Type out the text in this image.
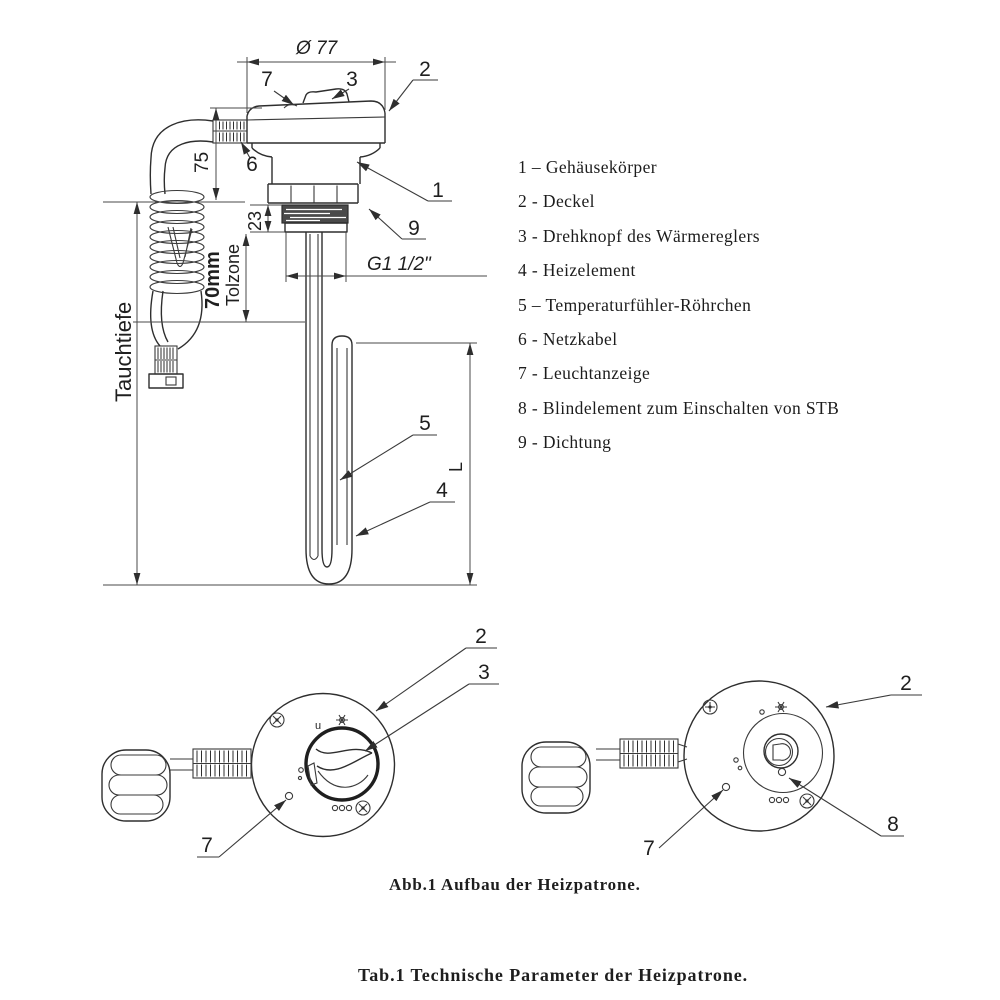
Ø 77
75
Tauchtiefe
23
70mm Tolzone	G1 1/2"
L
7	3	2
6
1
9
5
4
u
2
3
7
2
8
7
1 – Gehäusekörper
2 - Deckel
3 - Drehknopf des Wärmereglers
4 - Heizelement
5 – Temperaturfühler-Röhrchen
6 - Netzkabel
7 - Leuchtanzeige
8 - Blindelement zum Einschalten von STB
9 - Dichtung
Abb.1 Aufbau der Heizpatrone.
Tab.1 Technische Parameter der Heizpatrone.
